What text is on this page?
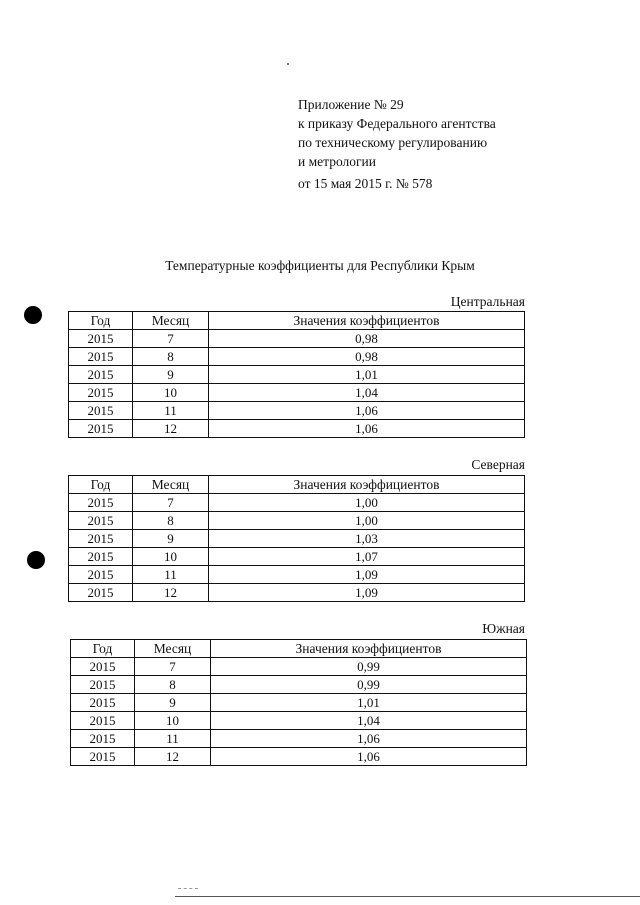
Приложение № 29
к приказу Федерального агентства
по техническому регулированию
и метрологии
от 15 мая 2015 г. № 578
Температурные коэффициенты для Республики Крым
Центральная
Год	Месяц	Значения коэффициентов
2015	7	0,98
2015	8	0,98
2015	9	1,01
2015	10	1,04
2015	11	1,06
2015	12	1,06
Северная
Год	Месяц	Значения коэффициентов
2015	7	1,00
2015	8	1,00
2015	9	1,03
2015	10	1,07
2015	11	1,09
2015	12	1,09
Южная
Год	Месяц	Значения коэффициентов
2015	7	0,99
2015	8	0,99
2015	9	1,01
2015	10	1,04
2015	11	1,06
2015	12	1,06
